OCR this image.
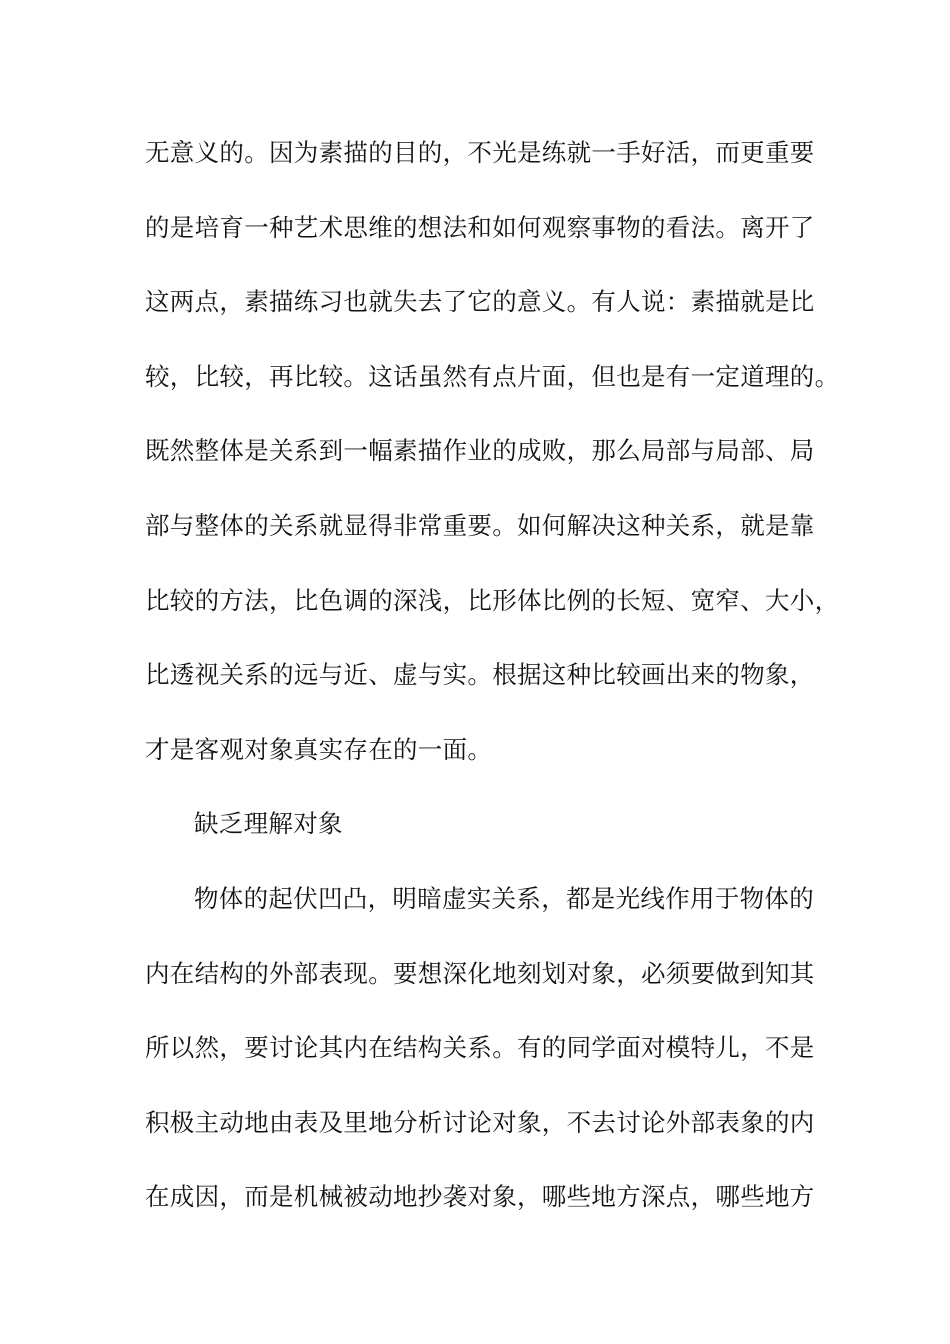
无意义的。因为素描的目的，不光是练就一手好活，而更重要
的是培育一种艺术思维的想法和如何观察事物的看法。离开了
这两点，素描练习也就失去了它的意义。有人说：素描就是比
较，比较，再比较。这话虽然有点片面，但也是有一定道理的。
既然整体是关系到一幅素描作业的成败，那么局部与局部、局
部与整体的关系就显得非常重要。如何解决这种关系，就是靠
比较的方法，比色调的深浅，比形体比例的长短、宽窄、大小，
比透视关系的远与近、虚与实。根据这种比较画出来的物象，
才是客观对象真实存在的一面。
缺乏理解对象
物体的起伏凹凸，明暗虚实关系，都是光线作用于物体的
内在结构的外部表现。要想深化地刻划对象，必须要做到知其
所以然，要讨论其内在结构关系。有的同学面对模特儿，不是
积极主动地由表及里地分析讨论对象，不去讨论外部表象的内
在成因，而是机械被动地抄袭对象，哪些地方深点，哪些地方
